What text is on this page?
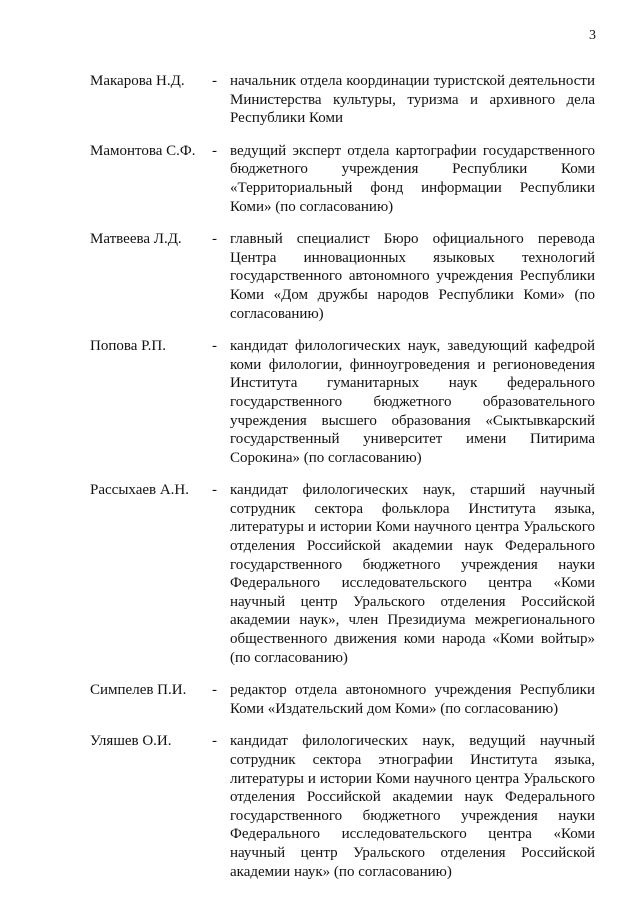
3
Макарова Н.Д.	- начальник отдела координации туристской деятельности Министерства культуры, туризма и архивного дела Республики Коми
Мамонтова С.Ф.	- ведущий эксперт отдела картографии государственного бюджетного учреждения Республики Коми «Территориальный фонд информации Республики Коми» (по согласованию)
Матвеева Л.Д.	- главный специалист Бюро официального перевода Центра инновационных языковых технологий государственного автономного учреждения Республики Коми «Дом дружбы народов Республики Коми» (по согласованию)
Попова Р.П.	- кандидат филологических наук, заведующий кафедрой коми филологии, финноугроведения и регионоведения Института гуманитарных наук федерального государственного бюджетного образовательного учреждения высшего образования «Сыктывкарский государственный университет имени Питирима Сорокина» (по согласованию)
Рассыхаев А.Н.	- кандидат филологических наук, старший научный сотрудник сектора фольклора Института языка, литературы и истории Коми научного центра Уральского отделения Российской академии наук Федерального государственного бюджетного учреждения науки Федерального исследовательского центра «Коми научный центр Уральского отделения Российской академии наук», член Президиума межрегионального общественного движения коми народа «Коми войтыр» (по согласованию)
Симпелев П.И.	- редактор отдела автономного учреждения Республики Коми «Издательский дом Коми» (по согласованию)
Уляшев О.И.	- кандидат филологических наук, ведущий научный сотрудник сектора этнографии Института языка, литературы и истории Коми научного центра Уральского отделения Российской академии наук Федерального государственного бюджетного учреждения науки Федерального исследовательского центра «Коми научный центр Уральского отделения Российской академии наук» (по согласованию)
